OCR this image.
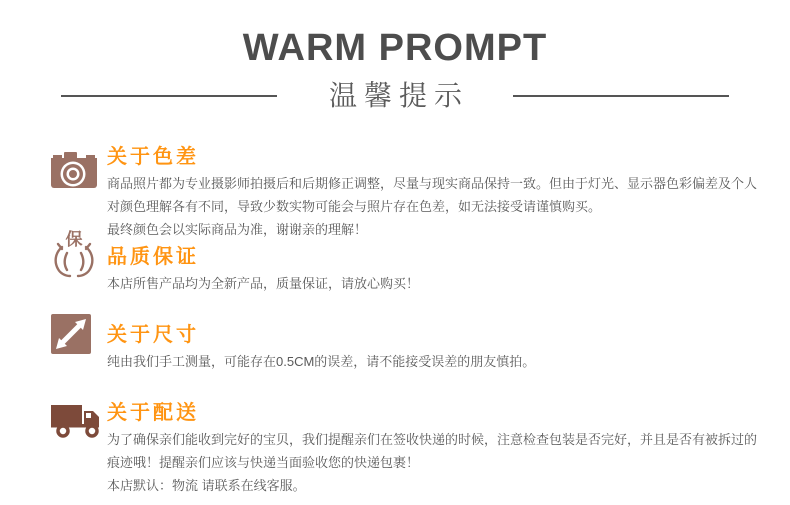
WARM PROMPT
温馨提示
关于色差

商品照片都为专业摄影师拍摄后和后期修正调整，尽量与现实商品保持一致。但由于灯光、显示器色彩偏差及个人

对颜色理解各有不同，导致少数实物可能会与照片存在色差，如无法接受请谨慎购买。

最终颜色会以实际商品为准，谢谢亲的理解！

保
品质保证

本店所售产品均为全新产品，质量保证，请放心购买！

关于尺寸

纯由我们手工测量，可能存在0.5CM的误差，请不能接受误差的朋友慎拍。

关于配送

为了确保亲们能收到完好的宝贝，我们提醒亲们在签收快递的时候，注意检查包装是否完好，并且是否有被拆过的

痕迹哦！提醒亲们应该与快递当面验收您的快递包裹！

本店默认：物流 请联系在线客服。
